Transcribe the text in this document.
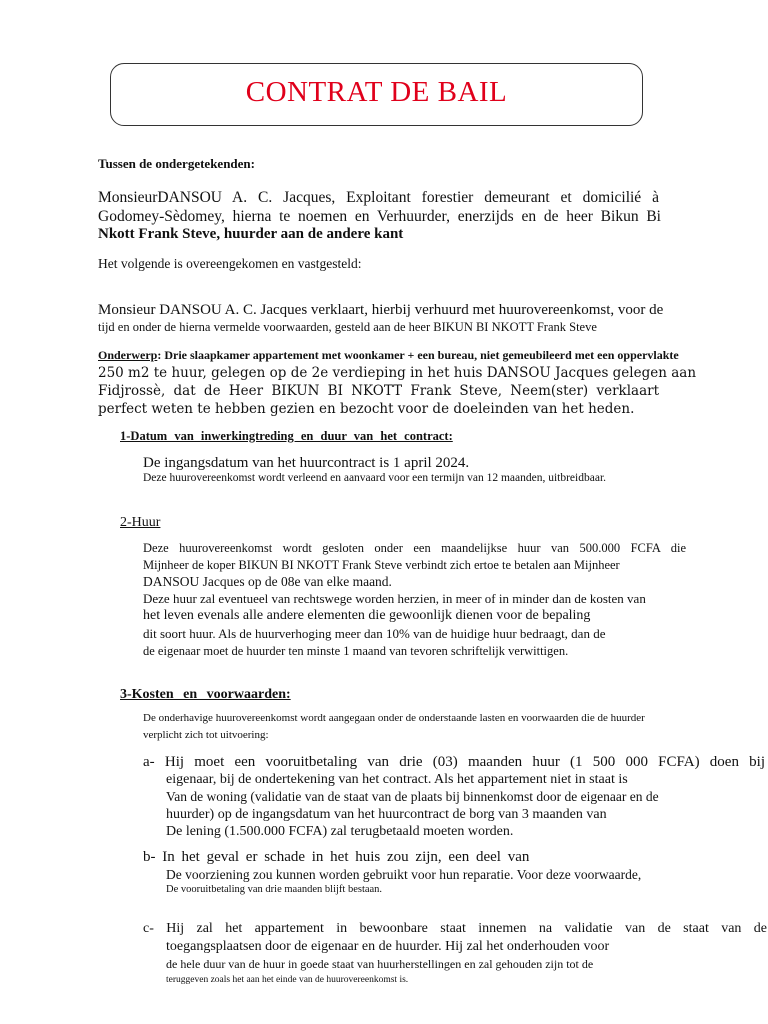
CONTRAT DE BAIL
Tussen de ondergetekenden:
MonsieurDANSOU A. C. Jacques, Exploitant forestier demeurant et domicilié à
Godomey-Sèdomey, hierna te noemen en Verhuurder, enerzijds en de heer Bikun Bi
Nkott Frank Steve, huurder aan de andere kant
Het volgende is overeengekomen en vastgesteld:
Monsieur DANSOU A. C. Jacques verklaart, hierbij verhuurd met huurovereenkomst, voor de
tijd en onder de hierna vermelde voorwaarden, gesteld aan de heer BIKUN BI NKOTT Frank Steve
Onderwerp: Drie slaapkamer appartement met woonkamer + een bureau, niet gemeubileerd met een oppervlakte
250 m2 te huur, gelegen op de 2e verdieping in het huis DANSOU Jacques gelegen aan
Fidjrossè, dat de Heer BIKUN BI NKOTT Frank Steve, Neem(ster) verklaart
perfect weten te hebben gezien en bezocht voor de doeleinden van het heden.
1-Datum van inwerkingtreding en duur van het contract:
De ingangsdatum van het huurcontract is 1 april 2024.
Deze huurovereenkomst wordt verleend en aanvaard voor een termijn van 12 maanden, uitbreidbaar.
2-Huur
Deze huurovereenkomst wordt gesloten onder een maandelijkse huur van 500.000 FCFA die
Mijnheer de koper BIKUN BI NKOTT Frank Steve verbindt zich ertoe te betalen aan Mijnheer
DANSOU Jacques op de 08e van elke maand.
Deze huur zal eventueel van rechtswege worden herzien, in meer of in minder dan de kosten van
het leven evenals alle andere elementen die gewoonlijk dienen voor de bepaling
dit soort huur. Als de huurverhoging meer dan 10% van de huidige huur bedraagt, dan de
de eigenaar moet de huurder ten minste 1 maand van tevoren schriftelijk verwittigen.
3-Kosten en voorwaarden:
De onderhavige huurovereenkomst wordt aangegaan onder de onderstaande lasten en voorwaarden die de huurder
verplicht zich tot uitvoering:
a- Hij moet een vooruitbetaling van drie (03) maanden huur (1 500 000 FCFA) doen bij
eigenaar, bij de ondertekening van het contract. Als het appartement niet in staat is
Van de woning (validatie van de staat van de plaats bij binnenkomst door de eigenaar en de
huurder) op de ingangsdatum van het huurcontract de borg van 3 maanden van
De lening (1.500.000 FCFA) zal terugbetaald moeten worden.
b- In het geval er schade in het huis zou zijn, een deel van
De voorziening zou kunnen worden gebruikt voor hun reparatie. Voor deze voorwaarde,
De vooruitbetaling van drie maanden blijft bestaan.
c- Hij zal het appartement in bewoonbare staat innemen na validatie van de staat van de
toegangsplaatsen door de eigenaar en de huurder. Hij zal het onderhouden voor
de hele duur van de huur in goede staat van huurherstellingen en zal gehouden zijn tot de
teruggeven zoals het aan het einde van de huurovereenkomst is.
